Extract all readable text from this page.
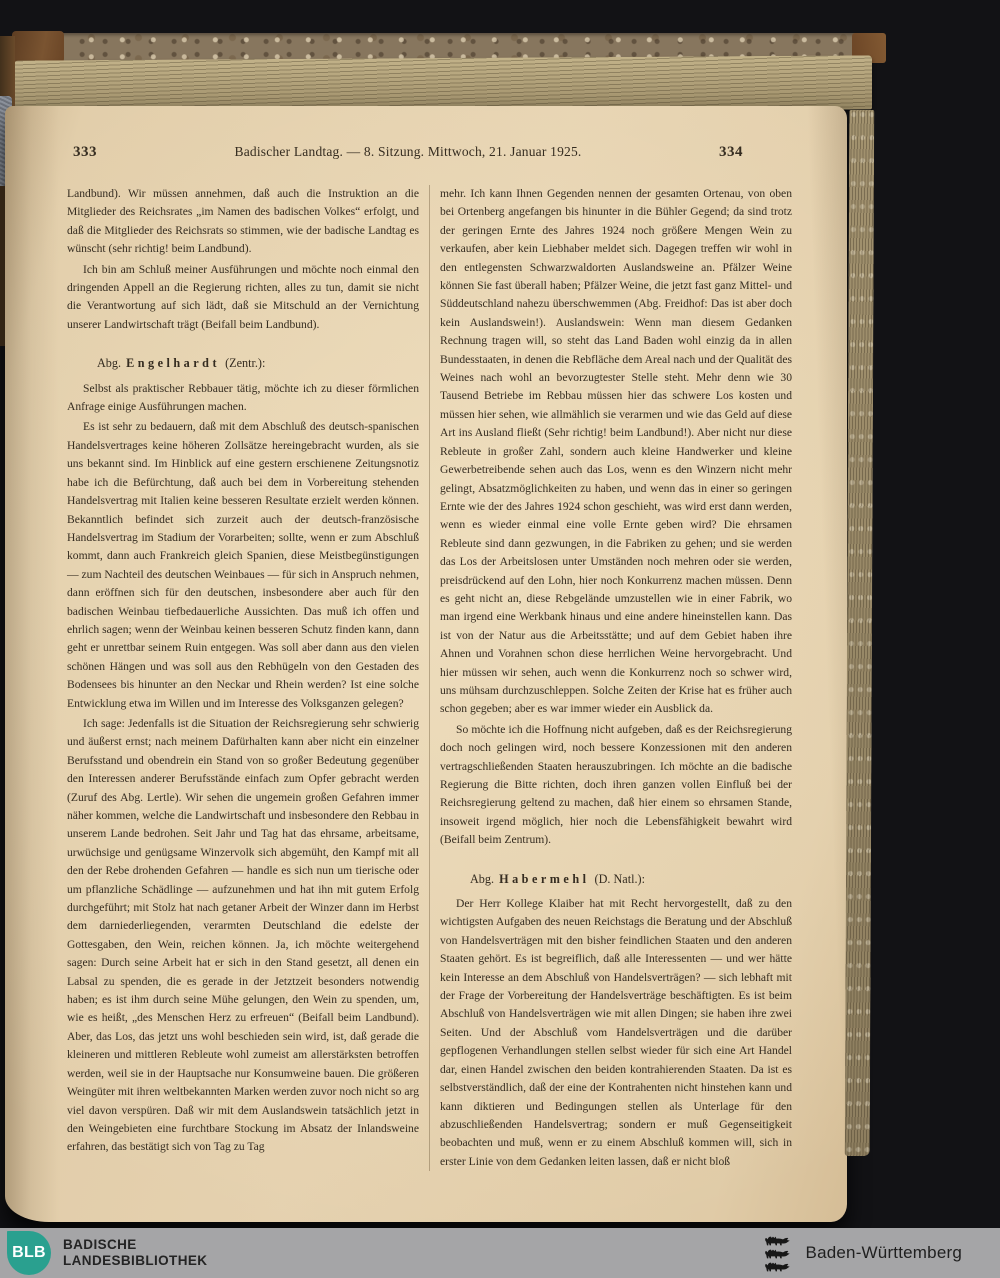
333	Badischer Landtag. — 8. Sitzung. Mittwoch, 21. Januar 1925.	334

Landbund). Wir müssen annehmen, daß auch die Instruktion an die Mitglieder des Reichsrates „im Namen des badischen Volkes“ erfolgt, und daß die Mitglieder des Reichsrats so stimmen, wie der badische Landtag es wünscht (sehr richtig! beim Landbund).

Ich bin am Schluß meiner Ausführungen und möchte noch einmal den dringenden Appell an die Regierung richten, alles zu tun, damit sie nicht die Verantwortung auf sich lädt, daß sie Mitschuld an der Vernichtung unserer Landwirtschaft trägt (Beifall beim Landbund).

Abg. Engelhardt (Zentr.):

Selbst als praktischer Rebbauer tätig, möchte ich zu dieser förmlichen Anfrage einige Ausführungen machen.

Es ist sehr zu bedauern, daß mit dem Abschluß des deutsch-spanischen Handelsvertrages keine höheren Zollsätze hereingebracht wurden, als sie uns bekannt sind. Im Hinblick auf eine gestern erschienene Zeitungsnotiz habe ich die Befürchtung, daß auch bei dem in Vorbereitung stehenden Handelsvertrag mit Italien keine besseren Resultate erzielt werden können. Bekanntlich befindet sich zurzeit auch der deutsch-französische Handelsvertrag im Stadium der Vorarbeiten; sollte, wenn er zum Abschluß kommt, dann auch Frankreich gleich Spanien, diese Meistbegünstigungen — zum Nachteil des deutschen Weinbaues — für sich in Anspruch nehmen, dann eröffnen sich für den deutschen, insbesondere aber auch für den badischen Weinbau tiefbedauerliche Aussichten. Das muß ich offen und ehrlich sagen; wenn der Weinbau keinen besseren Schutz finden kann, dann geht er unrettbar seinem Ruin entgegen. Was soll aber dann aus den vielen schönen Hängen und was soll aus den Rebhügeln von den Gestaden des Bodensees bis hinunter an den Neckar und Rhein werden? Ist eine solche Entwicklung etwa im Willen und im Interesse des Volksganzen gelegen?

Ich sage: Jedenfalls ist die Situation der Reichsregierung sehr schwierig und äußerst ernst; nach meinem Dafürhalten kann aber nicht ein einzelner Berufsstand und obendrein ein Stand von so großer Bedeutung gegenüber den Interessen anderer Berufsstände einfach zum Opfer gebracht werden (Zuruf des Abg. Lertle). Wir sehen die ungemein großen Gefahren immer näher kommen, welche die Landwirtschaft und insbesondere den Rebbau in unserem Lande bedrohen. Seit Jahr und Tag hat das ehrsame, arbeitsame, urwüchsige und genügsame Winzervolk sich abgemüht, den Kampf mit all den der Rebe drohenden Gefahren — handle es sich nun um tierische oder um pflanzliche Schädlinge — aufzunehmen und hat ihn mit gutem Erfolg durchgeführt; mit Stolz hat nach getaner Arbeit der Winzer dann im Herbst dem darniederliegenden, verarmten Deutschland die edelste der Gottesgaben, den Wein, reichen können. Ja, ich möchte weitergehend sagen: Durch seine Arbeit hat er sich in den Stand gesetzt, all denen ein Labsal zu spenden, die es gerade in der Jetztzeit besonders notwendig haben; es ist ihm durch seine Mühe gelungen, den Wein zu spenden, um, wie es heißt, „des Menschen Herz zu erfreuen“ (Beifall beim Landbund). Aber, das Los, das jetzt uns wohl beschieden sein wird, ist, daß gerade die kleineren und mittleren Rebleute wohl zumeist am allerstärksten betroffen werden, weil sie in der Hauptsache nur Konsumweine bauen. Die größeren Weingüter mit ihren weltbekannten Marken werden zuvor noch nicht so arg viel davon verspüren. Daß wir mit dem Auslandswein tatsächlich jetzt in den Weingebieten eine furchtbare Stockung im Absatz der Inlandsweine erfahren, das bestätigt sich von Tag zu Tag

mehr. Ich kann Ihnen Gegenden nennen der gesamten Ortenau, von oben bei Ortenberg angefangen bis hinunter in die Bühler Gegend; da sind trotz der geringen Ernte des Jahres 1924 noch größere Mengen Wein zu verkaufen, aber kein Liebhaber meldet sich. Dagegen treffen wir wohl in den entlegensten Schwarzwaldorten Auslandsweine an. Pfälzer Weine können Sie fast überall haben; Pfälzer Weine, die jetzt fast ganz Mittel- und Süddeutschland nahezu überschwemmen (Abg. Freidhof: Das ist aber doch kein Auslandswein!). Auslandswein: Wenn man diesem Gedanken Rechnung tragen will, so steht das Land Baden wohl einzig da in allen Bundesstaaten, in denen die Rebfläche dem Areal nach und der Qualität des Weines nach wohl an bevorzugtester Stelle steht. Mehr denn wie 30 Tausend Betriebe im Rebbau müssen hier das schwere Los kosten und müssen hier sehen, wie allmählich sie verarmen und wie das Geld auf diese Art ins Ausland fließt (Sehr richtig! beim Landbund!). Aber nicht nur diese Rebleute in großer Zahl, sondern auch kleine Handwerker und kleine Gewerbetreibende sehen auch das Los, wenn es den Winzern nicht mehr gelingt, Absatzmöglichkeiten zu haben, und wenn das in einer so geringen Ernte wie der des Jahres 1924 schon geschieht, was wird erst dann werden, wenn es wieder einmal eine volle Ernte geben wird? Die ehrsamen Rebleute sind dann gezwungen, in die Fabriken zu gehen; und sie werden das Los der Arbeitslosen unter Umständen noch mehren oder sie werden, preisdrückend auf den Lohn, hier noch Konkurrenz machen müssen. Denn es geht nicht an, diese Rebgelände umzustellen wie in einer Fabrik, wo man irgend eine Werkbank hinaus und eine andere hineinstellen kann. Das ist von der Natur aus die Arbeitsstätte; und auf dem Gebiet haben ihre Ahnen und Vorahnen schon diese herrlichen Weine hervorgebracht. Und hier müssen wir sehen, auch wenn die Konkurrenz noch so schwer wird, uns mühsam durchzuschleppen. Solche Zeiten der Krise hat es früher auch schon gegeben; aber es war immer wieder ein Ausblick da.

So möchte ich die Hoffnung nicht aufgeben, daß es der Reichsregierung doch noch gelingen wird, noch bessere Konzessionen mit den anderen vertragschließenden Staaten herauszubringen. Ich möchte an die badische Regierung die Bitte richten, doch ihren ganzen vollen Einfluß bei der Reichsregierung geltend zu machen, daß hier einem so ehrsamen Stande, insoweit irgend möglich, hier noch die Lebensfähigkeit bewahrt wird (Beifall beim Zentrum).

Abg. Habermehl (D. Natl.):

Der Herr Kollege Klaiber hat mit Recht hervorgestellt, daß zu den wichtigsten Aufgaben des neuen Reichstags die Beratung und der Abschluß von Handelsverträgen mit den bisher feindlichen Staaten und den anderen Staaten gehört. Es ist begreiflich, daß alle Interessenten — und wer hätte kein Interesse an dem Abschluß von Handelsverträgen? — sich lebhaft mit der Frage der Vorbereitung der Handelsverträge beschäftigten. Es ist beim Abschluß von Handelsverträgen wie mit allen Dingen; sie haben ihre zwei Seiten. Und der Abschluß vom Handelsverträgen und die darüber gepflogenen Verhandlungen stellen selbst wieder für sich eine Art Handel dar, einen Handel zwischen den beiden kontrahierenden Staaten. Da ist es selbstverständlich, daß der eine der Kontrahenten nicht hinstehen kann und kann diktieren und Bedingungen stellen als Unterlage für den abzuschließenden Handelsvertrag; sondern er muß Gegenseitigkeit beobachten und muß, wenn er zu einem Abschluß kommen will, sich in erster Linie von dem Gedanken leiten lassen, daß er nicht bloß

BLB BADISCHE
LANDESBIBLIOTHEK	Baden-Württemberg
